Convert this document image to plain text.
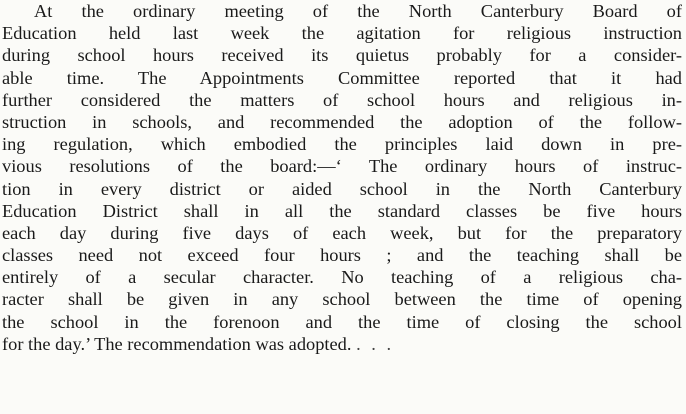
At the ordinary meeting of the North Canterbury Board of
Education held last week the agitation for religious instruction
during school hours received its quietus probably for a consider-
able time. The Appointments Committee reported that it had
further considered the matters of school hours and religious in-
struction in schools, and recommended the adoption of the follow-
ing regulation, which embodied the principles laid down in pre-
vious resolutions of the board:—‘ The ordinary hours of instruc-
tion in every district or aided school in the North Canterbury
Education District shall in all the standard classes be five hours
each day during five days of each week, but for the preparatory
classes need not exceed four hours ; and the teaching shall be
entirely of a secular character. No teaching of a religious cha-
racter shall be given in any school between the time of opening
the school in the forenoon and the time of closing the school
for the day.’ The recommendation was adopted. . . .
